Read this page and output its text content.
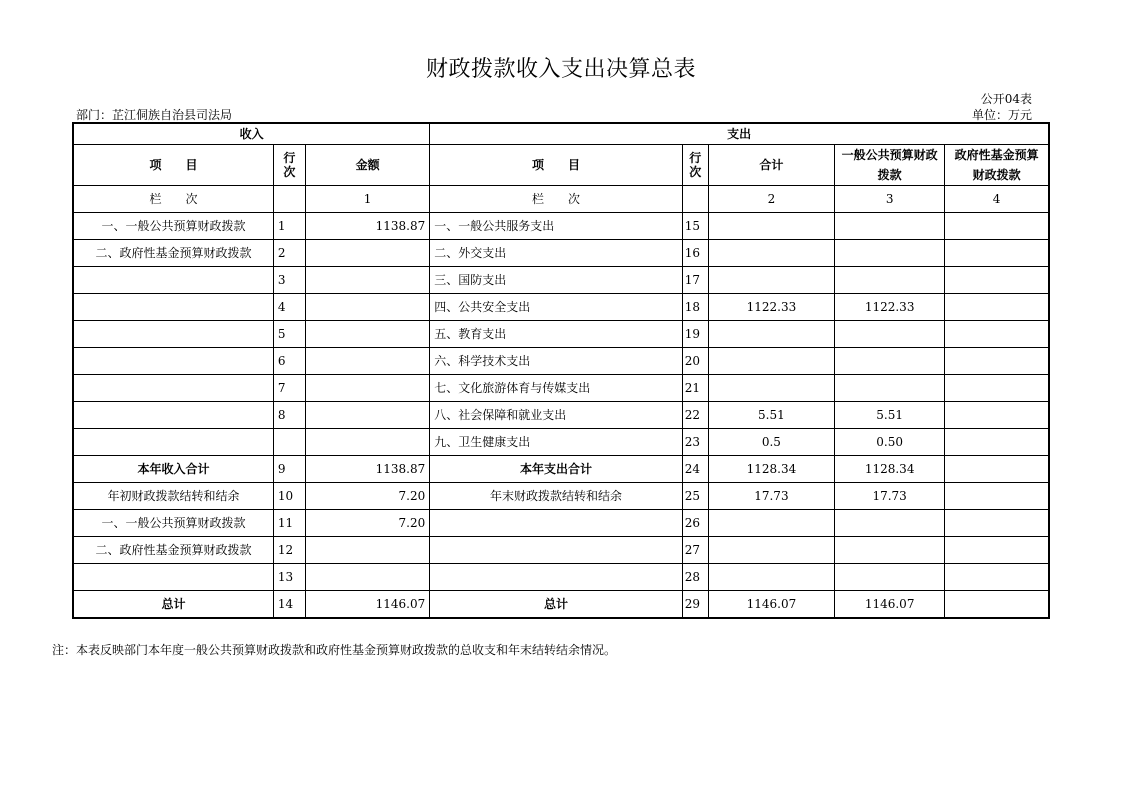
财政拨款收入支出决算总表
公开04表
部门：芷江侗族自治县司法局	单位：万元
收入			支出				
项　　目	行次	金额	项　　目	行次	合计	一般公共预算财政拨款	政府性基金预算财政拨款
栏　　次		1	栏　　次		2	3	4
一、一般公共预算财政拨款	1	1138.87	一、一般公共服务支出	15			
二、政府性基金预算财政拨款	2		二、外交支出	16			
	3		三、国防支出	17			
	4		四、公共安全支出	18	1122.33	1122.33	
	5		五、教育支出	19			
	6		六、科学技术支出	20			
	7		七、文化旅游体育与传媒支出	21			
	8		八、社会保障和就业支出	22	5.51	5.51	
			九、卫生健康支出	23	0.5	0.50	
本年收入合计	9	1138.87	本年支出合计	24	1128.34	1128.34	
年初财政拨款结转和结余	10	7.20	年末财政拨款结转和结余	25	17.73	17.73	
一、一般公共预算财政拨款	11	7.20		26			
二、政府性基金预算财政拨款	12			27			
	13			28			
总计	14	1146.07	总计	29	1146.07	1146.07	
注：本表反映部门本年度一般公共预算财政拨款和政府性基金预算财政拨款的总收支和年末结转结余情况。
